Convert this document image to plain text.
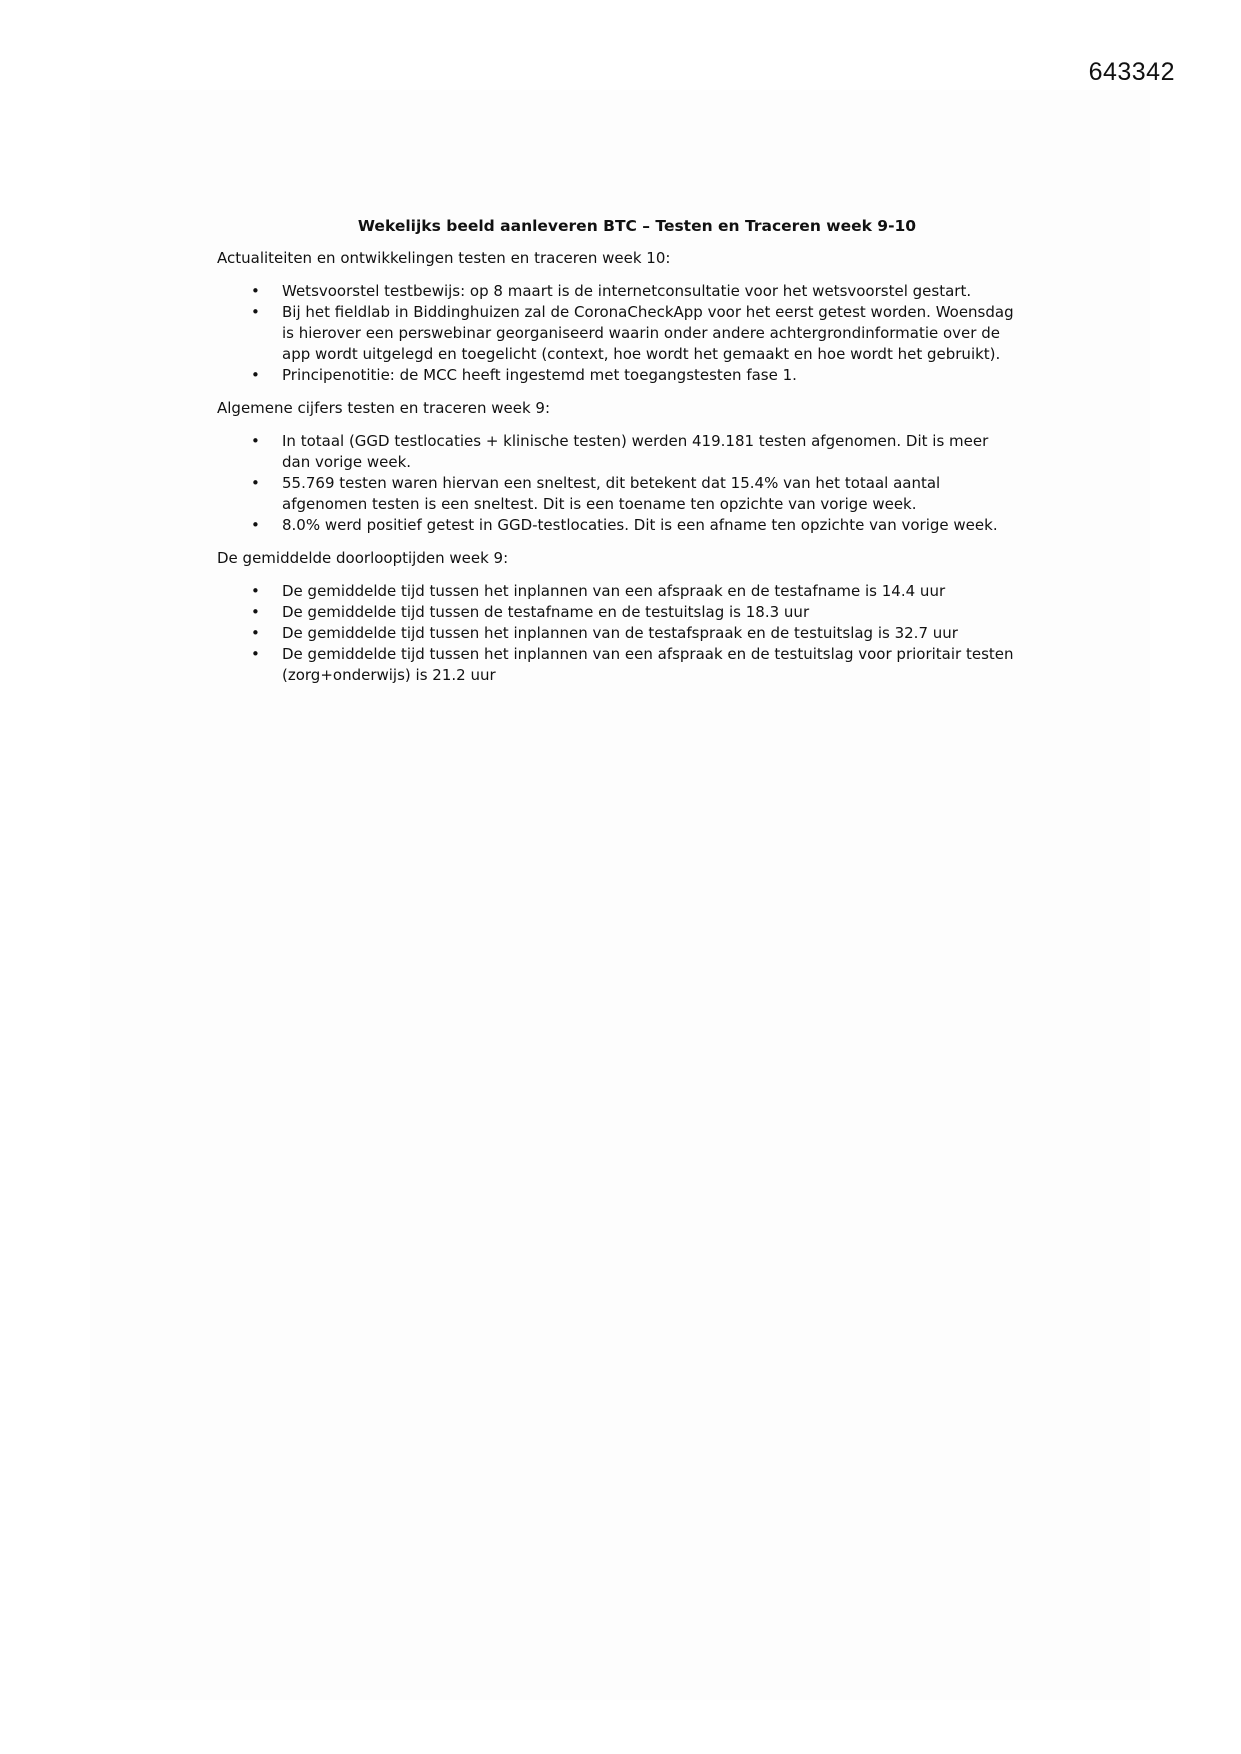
643342
Wekelijks beeld aanleveren BTC – Testen en Traceren week 9-10
Actualiteiten en ontwikkelingen testen en traceren week 10:
• Wetsvoorstel testbewijs: op 8 maart is de internetconsultatie voor het wetsvoorstel gestart.
• Bij het fieldlab in Biddinghuizen zal de CoronaCheckApp voor het eerst getest worden. Woensdag is hierover een perswebinar georganiseerd waarin onder andere achtergrondinformatie over de app wordt uitgelegd en toegelicht (context, hoe wordt het gemaakt en hoe wordt het gebruikt).
• Principenotitie: de MCC heeft ingestemd met toegangstesten fase 1.
Algemene cijfers testen en traceren week 9:
• In totaal (GGD testlocaties + klinische testen) werden 419.181 testen afgenomen. Dit is meer dan vorige week.
• 55.769 testen waren hiervan een sneltest, dit betekent dat 15.4% van het totaal aantal afgenomen testen is een sneltest. Dit is een toename ten opzichte van vorige week.
• 8.0% werd positief getest in GGD-testlocaties. Dit is een afname ten opzichte van vorige week.
De gemiddelde doorlooptijden week 9:
• De gemiddelde tijd tussen het inplannen van een afspraak en de testafname is 14.4 uur
• De gemiddelde tijd tussen de testafname en de testuitslag is 18.3 uur
• De gemiddelde tijd tussen het inplannen van de testafspraak en de testuitslag is 32.7 uur
• De gemiddelde tijd tussen het inplannen van een afspraak en de testuitslag voor prioritair testen (zorg+onderwijs) is 21.2 uur
